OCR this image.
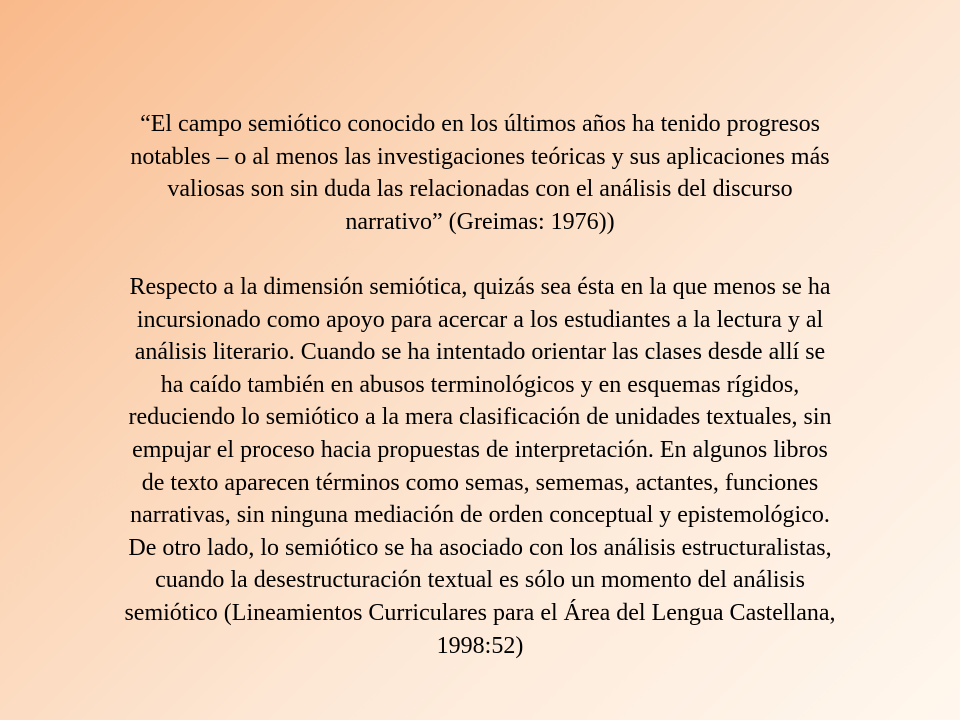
“El campo semiótico conocido en los últimos años ha tenido progresos
notables – o al menos las investigaciones teóricas y sus aplicaciones más
valiosas son sin duda las relacionadas con el análisis del discurso
narrativo” (Greimas: 1976))
Respecto a la dimensión semiótica, quizás sea ésta en la que menos se ha
incursionado como apoyo para acercar a los estudiantes a la lectura y al
análisis literario. Cuando se ha intentado orientar las clases desde allí se
ha caído también en abusos terminológicos y en esquemas rígidos,
reduciendo lo semiótico a la mera clasificación de unidades textuales, sin
empujar el proceso hacia propuestas de interpretación. En algunos libros
de texto aparecen términos como semas, sememas, actantes, funciones
narrativas, sin ninguna mediación de orden conceptual y epistemológico.
De otro lado, lo semiótico se ha asociado con los análisis estructuralistas,
cuando la desestructuración textual es sólo un momento del análisis
semiótico (Lineamientos Curriculares para el Área del Lengua Castellana,
1998:52)
